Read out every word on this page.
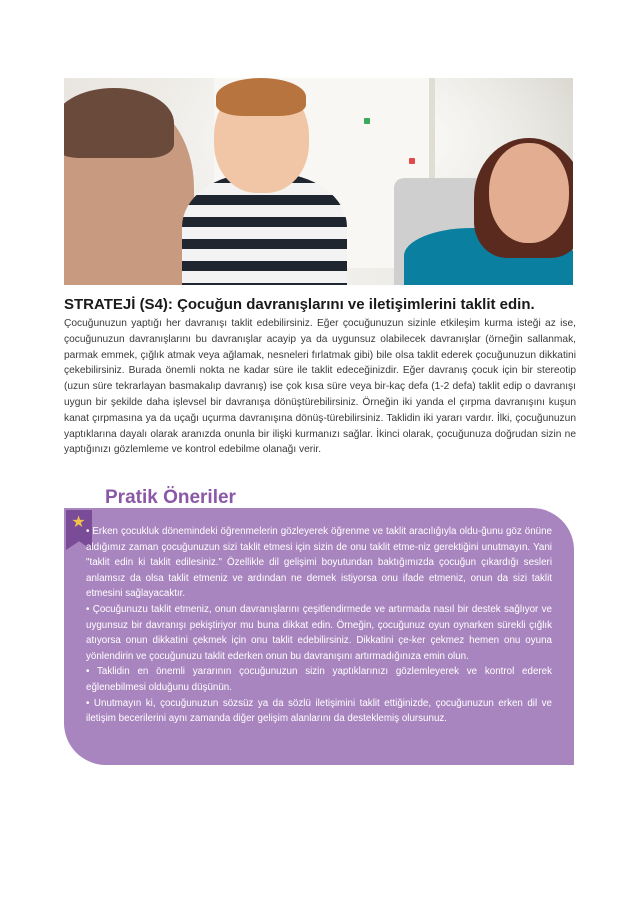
STRATEJİ (S4): Çocuğun davranışlarını ve iletişimlerini taklit edin.

Çocuğunuzun yaptığı her davranışı taklit edebilirsiniz. Eğer çocuğunuzun sizinle etkileşim kurma isteği az ise, çocuğunuzun davranışlarını bu davranışlar acayip ya da uygunsuz olabilecek davranışlar (örneğin sallanmak, parmak emmek, çığlık atmak veya ağlamak, nesneleri fırlatmak gibi) bile olsa taklit ederek çocuğunuzun dikkatini çekebilirsiniz. Burada önemli nokta ne kadar süre ile taklit edeceğinizdir. Eğer davranış çocuk için bir stereotip (uzun süre tekrarlayan basmakalıp davranış) ise çok kısa süre veya bir-kaç defa (1-2 defa) taklit edip o davranışı uygun bir şekilde daha işlevsel bir davranışa dönüştürebilirsiniz. Örneğin iki yanda el çırpma davranışını kuşun kanat çırpmasına ya da uçağı uçurma davranışına dönüş-türebilirsiniz. Taklidin iki yararı vardır. İlki, çocuğunuzun yaptıklarına dayalı olarak aranızda onunla bir ilişki kurmanızı sağlar. İkinci olarak, çocuğunuza doğrudan sizin ne yaptığınızı gözlemleme ve kontrol edebilme olanağı verir.

Pratik Öneriler
★
• Erken çocukluk dönemindeki öğrenmelerin gözleyerek öğrenme ve taklit aracılığıyla oldu-ğunu göz önüne aldığımız zaman çocuğunuzun sizi taklit etmesi için sizin de onu taklit etme-niz gerektiğini unutmayın. Yani "taklit edin ki taklit edilesiniz." Özellikle dil gelişimi boyutundan baktığımızda çocuğun çıkardığı sesleri anlamsız da olsa taklit etmeniz ve ardından ne demek istiyorsa onu ifade etmeniz, onun da sizi taklit etmesini sağlayacaktır.
• Çocuğunuzu taklit etmeniz, onun davranışlarını çeşitlendirmede ve artırmada nasıl bir destek sağlıyor ve uygunsuz bir davranışı pekiştiriyor mu buna dikkat edin. Örneğin, çocuğunuz oyun oynarken sürekli çığlık atıyorsa onun dikkatini çekmek için onu taklit edebilirsiniz. Dikkatini çe-ker çekmez hemen onu oyuna yönlendirin ve çocuğunuzu taklit ederken onun bu davranışını artırmadığınıza emin olun.
• Taklidin en önemli yararının çocuğunuzun sizin yaptıklarınızı gözlemleyerek ve kontrol ederek eğlenebilmesi olduğunu düşünün.
• Unutmayın ki, çocuğunuzun sözsüz ya da sözlü iletişimini taklit ettiğinizde, çocuğunuzun erken dil ve iletişim becerilerini aynı zamanda diğer gelişim alanlarını da desteklemiş olursunuz.
